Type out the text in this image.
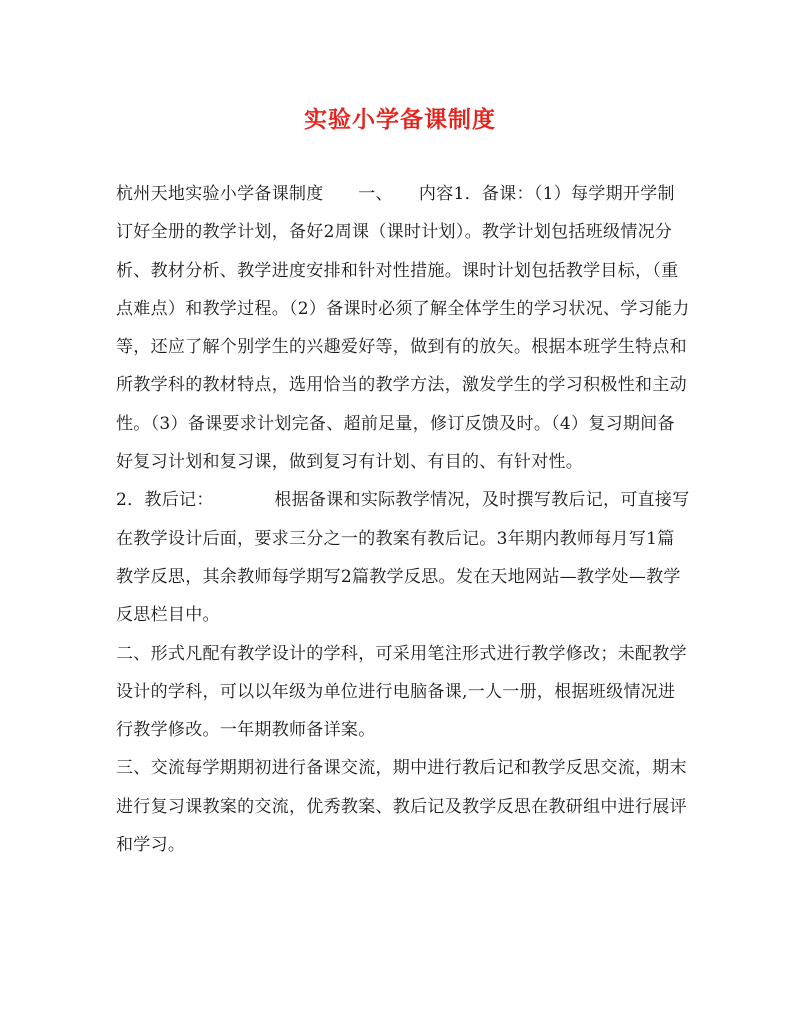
实验小学备课制度

杭州天地实验小学备课制度　　一、　　内容1．备课：（1）每学期开学制订好全册的教学计划，备好2周课（课时计划）。教学计划包括班级情况分析、教材分析、教学进度安排和针对性措施。课时计划包括教学目标，（重点难点）和教学过程。（2）备课时必须了解全体学生的学习状况、学习能力等，还应了解个别学生的兴趣爱好等，做到有的放矢。根据本班学生特点和所教学科的教材特点，选用恰当的教学方法，激发学生的学习积极性和主动性。（3）备课要求计划完备、超前足量，修订反馈及时。（4）复习期间备好复习计划和复习课，做到复习有计划、有目的、有针对性。

2．教后记：　　　　根据备课和实际教学情况，及时撰写教后记，可直接写在教学设计后面，要求三分之一的教案有教后记。3年期内教师每月写1篇教学反思，其余教师每学期写2篇教学反思。发在天地网站—教学处—教学反思栏目中。

二、形式凡配有教学设计的学科，可采用笔注形式进行教学修改；未配教学设计的学科，可以以年级为单位进行电脑备课,一人一册，根据班级情况进行教学修改。一年期教师备详案。

三、交流每学期期初进行备课交流，期中进行教后记和教学反思交流，期末进行复习课教案的交流，优秀教案、教后记及教学反思在教研组中进行展评和学习。
